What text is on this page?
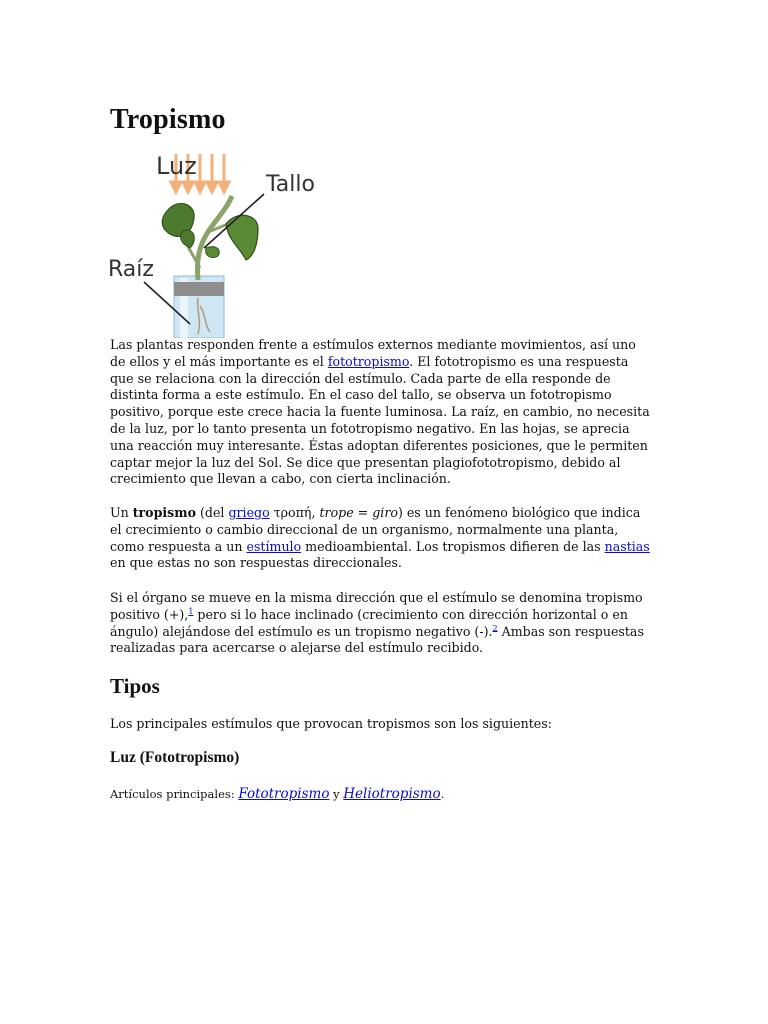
Tropismo
Luz
Tallo
Raíz

Las plantas responden frente a estímulos externos mediante movimientos, así uno de ellos y el más importante es el fototropismo. El fototropismo es una respuesta que se relaciona con la dirección del estímulo. Cada parte de ella responde de distinta forma a este estímulo. En el caso del tallo, se observa un fototropismo positivo, porque este crece hacia la fuente luminosa. La raíz, en cambio, no necesita de la luz, por lo tanto presenta un fototropismo negativo. En las hojas, se aprecia una reacción muy interesante. Éstas adoptan diferentes posiciones, que le permiten captar mejor la luz del Sol. Se dice que presentan plagiofototropismo, debido al crecimiento que llevan a cabo, con cierta inclinación.

Un tropismo (del griego τροπή, trope = giro) es un fenómeno biológico que indica el crecimiento o cambio direccional de un organismo, normalmente una planta, como respuesta a un estímulo medioambiental. Los tropismos difieren de las nastias en que estas no son respuestas direccionales.

Si el órgano se mueve en la misma dirección que el estímulo se denomina tropismo positivo (+),$^1$ pero si lo hace inclinado (crecimiento con dirección horizontal o en ángulo) alejándose del estímulo es un tropismo negativo (-).$^2$ Ambas son respuestas realizadas para acercarse o alejarse del estímulo recibido.

Tipos

Los principales estímulos que provocan tropismos son los siguientes:

Luz (Fototropismo)
Artículos principales: Fototropismo y Heliotropismo.
